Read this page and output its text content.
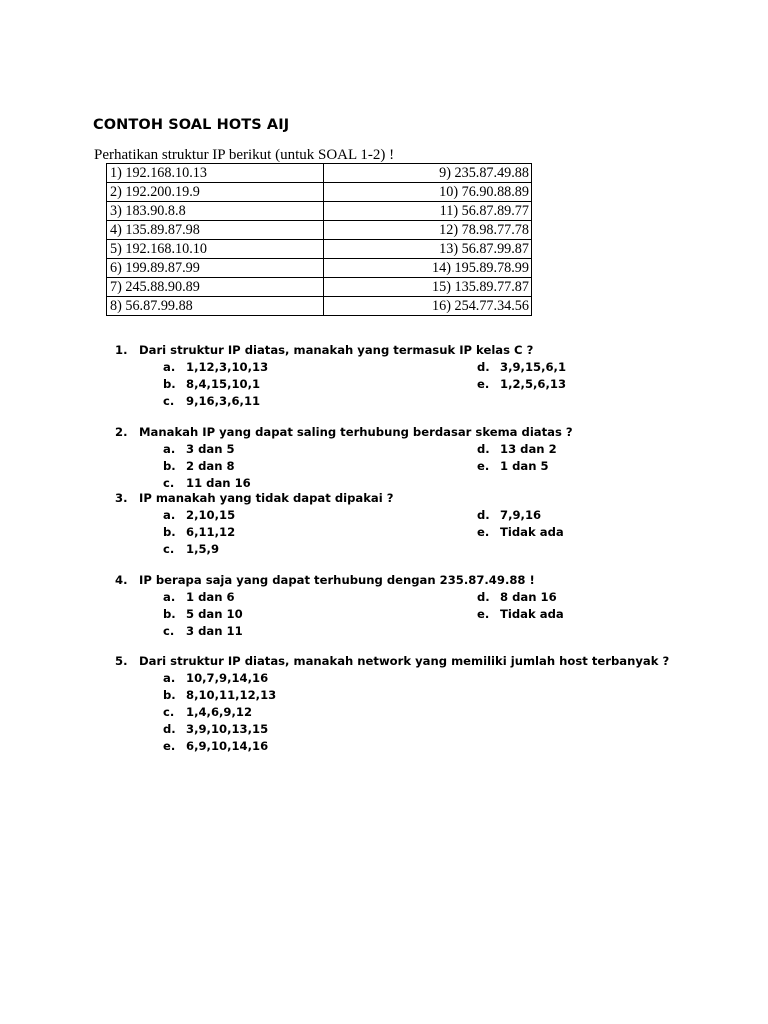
CONTOH SOAL HOTS AIJ
Perhatikan struktur IP berikut (untuk SOAL 1-2) !
1) 192.168.10.13	9) 235.87.49.88
2) 192.200.19.9	10) 76.90.88.89
3) 183.90.8.8	11) 56.87.89.77
4) 135.89.87.98	12) 78.98.77.78
5) 192.168.10.10	13) 56.87.99.87
6) 199.89.87.99	14) 195.89.78.99
7) 245.88.90.89	15) 135.89.77.87
8) 56.87.99.88	16) 254.77.34.56
1. Dari struktur IP diatas, manakah yang termasuk IP kelas C ?
a. 1,12,3,10,13
b. 8,4,15,10,1
c. 9,16,3,6,11
d. 3,9,15,6,1
e. 1,2,5,6,13
2. Manakah IP yang dapat saling terhubung berdasar skema diatas ?
a. 3 dan 5
b. 2 dan 8
c. 11 dan 16
d. 13 dan 2
e. 1 dan 5
3. IP manakah yang tidak dapat dipakai ?
a. 2,10,15
b. 6,11,12
c. 1,5,9
d. 7,9,16
e. Tidak ada
4. IP berapa saja yang dapat terhubung dengan 235.87.49.88 !
a. 1 dan 6
b. 5 dan 10
c. 3 dan 11
d. 8 dan 16
e. Tidak ada
5. Dari struktur IP diatas, manakah network yang memiliki jumlah host terbanyak ?
a. 10,7,9,14,16
b. 8,10,11,12,13
c. 1,4,6,9,12
d. 3,9,10,13,15
e. 6,9,10,14,16
